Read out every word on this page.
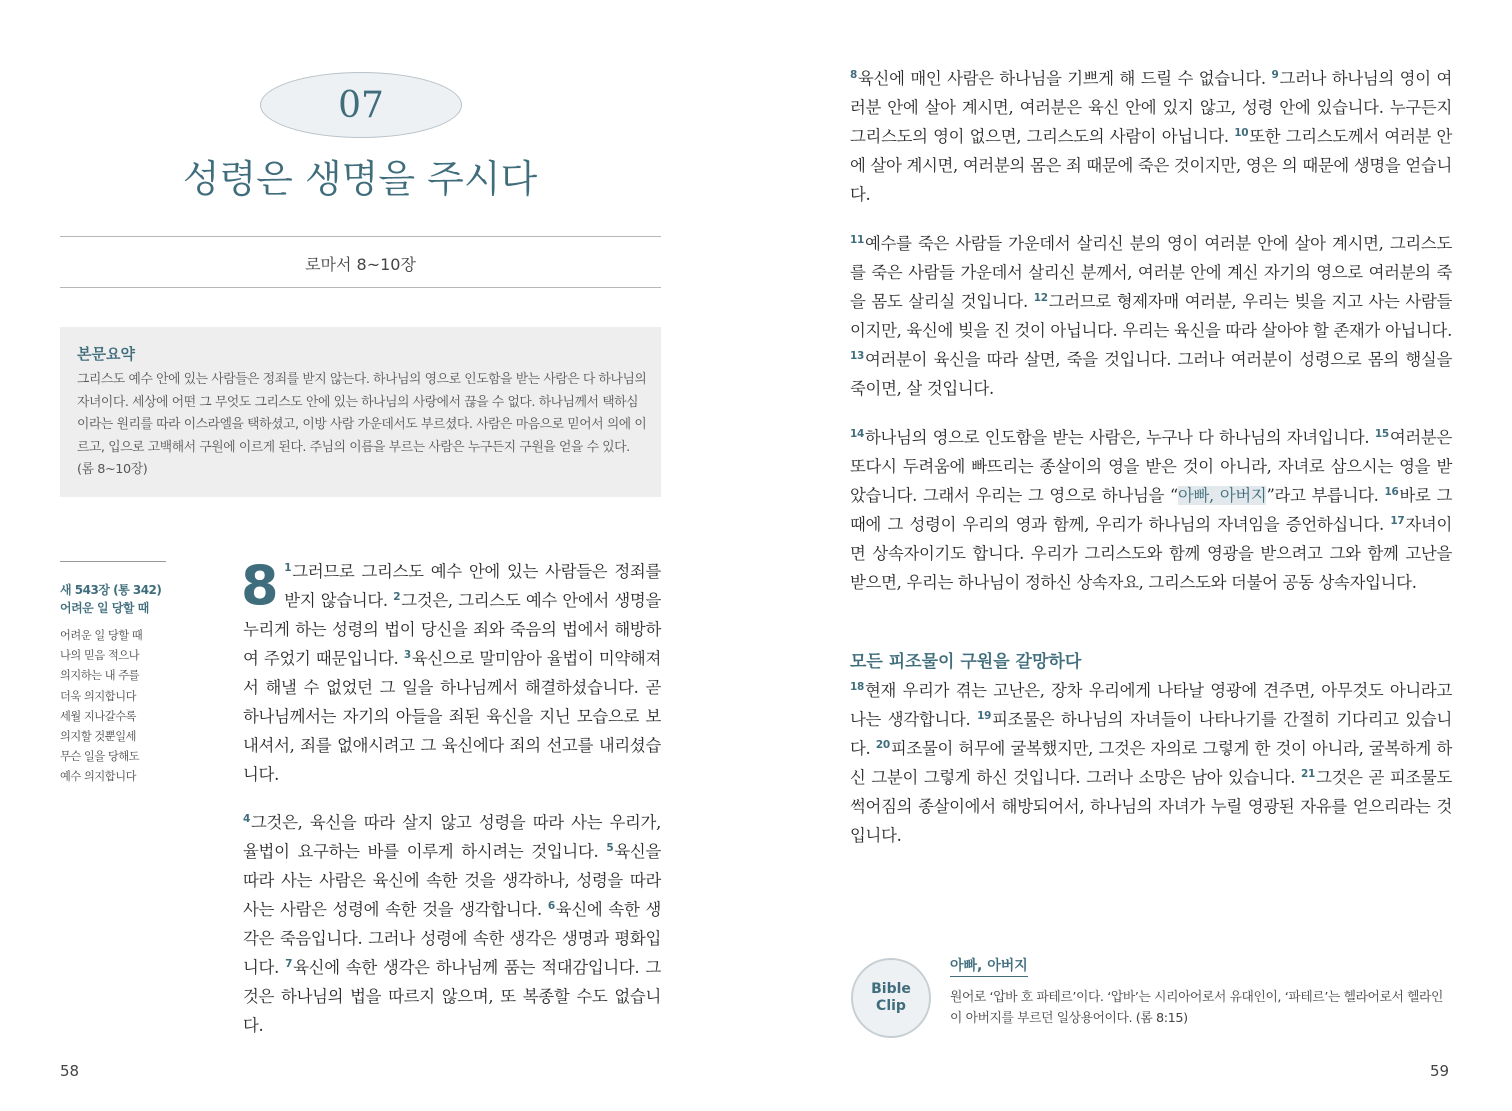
07
성령은 생명을 주시다
로마서 8~10장
본문요약
그리스도 예수 안에 있는 사람들은 정죄를 받지 않는다. 하나님의 영으로 인도함을 받는 사람은 다 하나님의 자녀이다. 세상에 어떤 그 무엇도 그리스도 안에 있는 하나님의 사랑에서 끊을 수 없다. 하나님께서 택하심이라는 원리를 따라 이스라엘을 택하셨고, 이방 사람 가운데서도 부르셨다. 사람은 마음으로 믿어서 의에 이르고, 입으로 고백해서 구원에 이르게 된다. 주님의 이름을 부르는 사람은 누구든지 구원을 얻을 수 있다. (롬 8~10장)
새 543장 (통 342)
어려운 일 당할 때
어려운 일 당할 때
나의 믿음 적으나
의지하는 내 주를
더욱 의지합니다
세월 지나갈수록
의지할 것뿐일세
무슨 일을 당해도
예수 의지합니다
8 $^1$그러므로 그리스도 예수 안에 있는 사람들은 정죄를 받지 않습니다. $^2$그것은, 그리스도 예수 안에서 생명을 누리게 하는 성령의 법이 당신을 죄와 죽음의 법에서 해방하여 주었기 때문입니다. $^3$육신으로 말미암아 율법이 미약해져서 해낼 수 없었던 그 일을 하나님께서 해결하셨습니다. 곧 하나님께서는 자기의 아들을 죄된 육신을 지닌 모습으로 보내셔서, 죄를 없애시려고 그 육신에다 죄의 선고를 내리셨습니다.
$^4$그것은, 육신을 따라 살지 않고 성령을 따라 사는 우리가, 율법이 요구하는 바를 이루게 하시려는 것입니다. $^5$육신을 따라 사는 사람은 육신에 속한 것을 생각하나, 성령을 따라 사는 사람은 성령에 속한 것을 생각합니다. $^6$육신에 속한 생각은 죽음입니다. 그러나 성령에 속한 생각은 생명과 평화입니다. $^7$육신에 속한 생각은 하나님께 품는 적대감입니다. 그것은 하나님의 법을 따르지 않으며, 또 복종할 수도 없습니다.
58
$^8$육신에 매인 사람은 하나님을 기쁘게 해 드릴 수 없습니다. $^9$그러나 하나님의 영이 여러분 안에 살아 계시면, 여러분은 육신 안에 있지 않고, 성령 안에 있습니다. 누구든지 그리스도의 영이 없으면, 그리스도의 사람이 아닙니다. $^{10}$또한 그리스도께서 여러분 안에 살아 계시면, 여러분의 몸은 죄 때문에 죽은 것이지만, 영은 의 때문에 생명을 얻습니다.
$^{11}$예수를 죽은 사람들 가운데서 살리신 분의 영이 여러분 안에 살아 계시면, 그리스도를 죽은 사람들 가운데서 살리신 분께서, 여러분 안에 계신 자기의 영으로 여러분의 죽을 몸도 살리실 것입니다. $^{12}$그러므로 형제자매 여러분, 우리는 빚을 지고 사는 사람들이지만, 육신에 빚을 진 것이 아닙니다. 우리는 육신을 따라 살아야 할 존재가 아닙니다. $^{13}$여러분이 육신을 따라 살면, 죽을 것입니다. 그러나 여러분이 성령으로 몸의 행실을 죽이면, 살 것입니다.
$^{14}$하나님의 영으로 인도함을 받는 사람은, 누구나 다 하나님의 자녀입니다. $^{15}$여러분은 또다시 두려움에 빠뜨리는 종살이의 영을 받은 것이 아니라, 자녀로 삼으시는 영을 받았습니다. 그래서 우리는 그 영으로 하나님을 “아빠, 아버지”라고 부릅니다. $^{16}$바로 그 때에 그 성령이 우리의 영과 함께, 우리가 하나님의 자녀임을 증언하십니다. $^{17}$자녀이면 상속자이기도 합니다. 우리가 그리스도와 함께 영광을 받으려고 그와 함께 고난을 받으면, 우리는 하나님이 정하신 상속자요, 그리스도와 더불어 공동 상속자입니다.
모든 피조물이 구원을 갈망하다
$^{18}$현재 우리가 겪는 고난은, 장차 우리에게 나타날 영광에 견주면, 아무것도 아니라고 나는 생각합니다. $^{19}$피조물은 하나님의 자녀들이 나타나기를 간절히 기다리고 있습니다. $^{20}$피조물이 허무에 굴복했지만, 그것은 자의로 그렇게 한 것이 아니라, 굴복하게 하신 그분이 그렇게 하신 것입니다. 그러나 소망은 남아 있습니다. $^{21}$그것은 곧 피조물도 썩어짐의 종살이에서 해방되어서, 하나님의 자녀가 누릴 영광된 자유를 얻으리라는 것입니다.
Bible
Clip
아빠, 아버지
원어로 ‘압바 호 파테르’이다. ‘압바’는 시리아어로서 유대인이, ‘파테르’는 헬라어로서 헬라인이 아버지를 부르던 일상용어이다. (롬 8:15)
59
